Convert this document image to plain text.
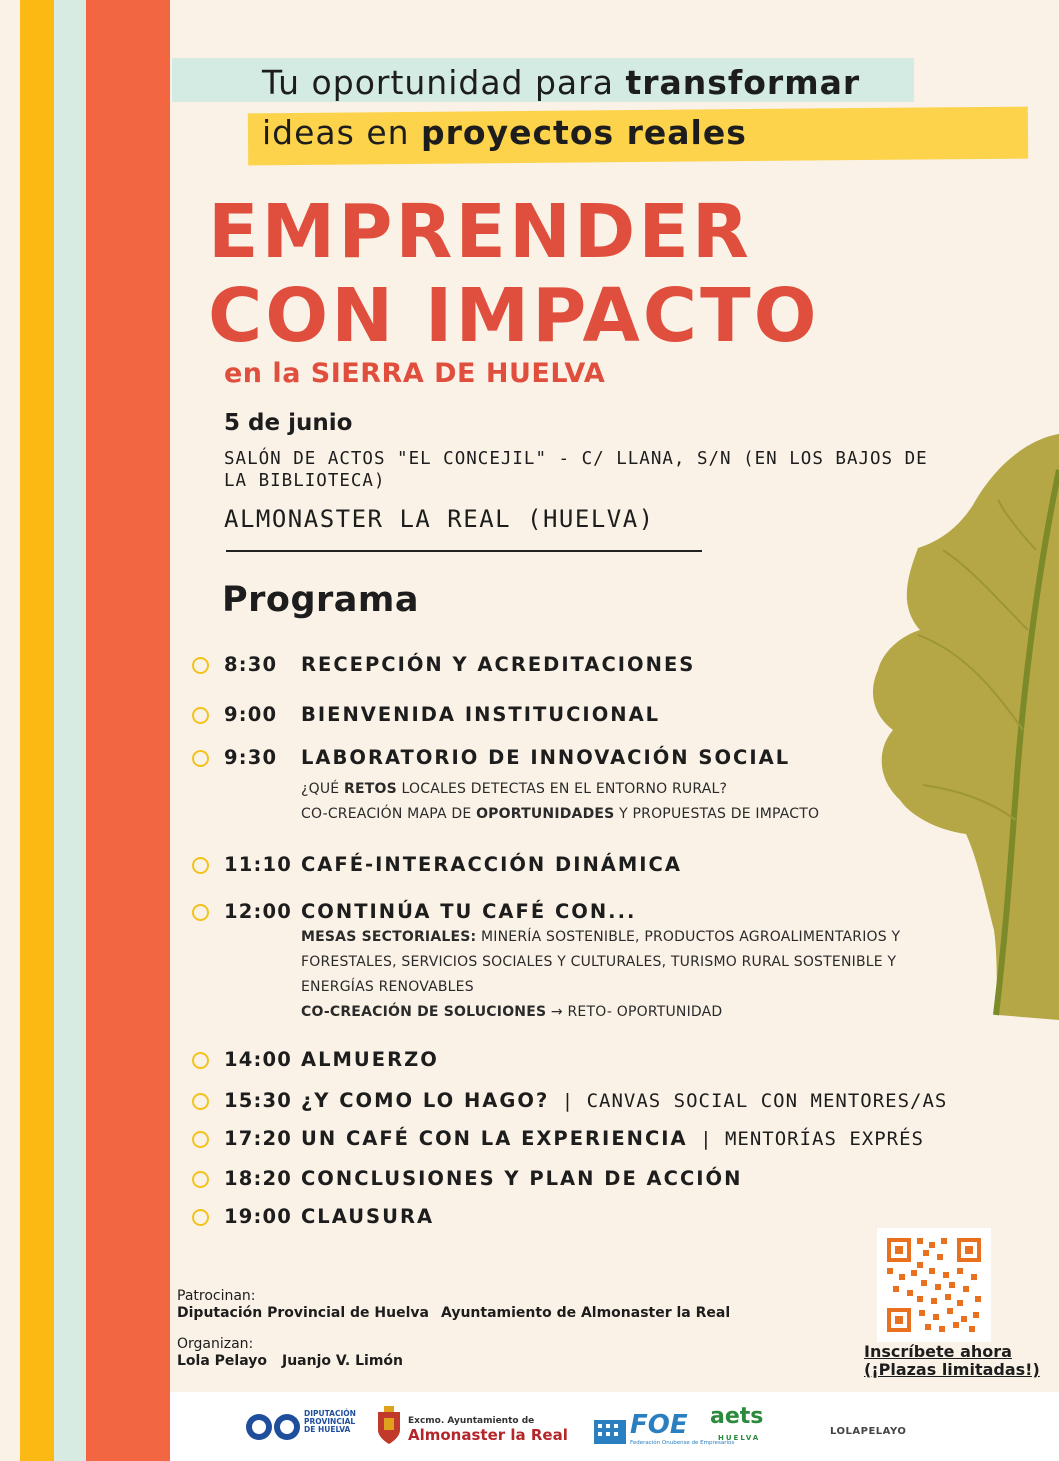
Tu oportunidad para transformar
ideas en proyectos reales
EMPRENDER
CON IMPACTO
en la SIERRA DE HUELVA
5 de junio
SALÓN DE ACTOS "EL CONCEJIL" - C/ LLANA, S/N (EN LOS BAJOS DE LA BIBLIOTECA)
ALMONASTER LA REAL (HUELVA)
Programa
8:30 RECEPCIÓN Y ACREDITACIONES
9:00 BIENVENIDA INSTITUCIONAL
9:30 LABORATORIO DE INNOVACIÓN SOCIAL
¿QUÉ RETOS LOCALES DETECTAS EN EL ENTORNO RURAL?
CO-CREACIÓN MAPA DE OPORTUNIDADES Y PROPUESTAS DE IMPACTO
11:10 CAFÉ-INTERACCIÓN DINÁMICA
12:00 CONTINÚA TU CAFÉ CON...
MESAS SECTORIALES: MINERÍA SOSTENIBLE, PRODUCTOS AGROALIMENTARIOS Y
FORESTALES, SERVICIOS SOCIALES Y CULTURALES, TURISMO RURAL SOSTENIBLE Y
ENERGÍAS RENOVABLES
CO-CREACIÓN DE SOLUCIONES → RETO- OPORTUNIDAD
14:00 ALMUERZO
15:30 ¿Y COMO LO HAGO? | CANVAS SOCIAL CON MENTORES/AS
17:20 UN CAFÉ CON LA EXPERIENCIA | MENTORÍAS EXPRÉS
18:20 CONCLUSIONES Y PLAN DE ACCIÓN
19:00 CLAUSURA
Patrocinan:
Diputación Provincial de Huelva Ayuntamiento de Almonaster la Real
Organizan:
Lola Pelayo Juanjo V. Limón	Inscríbete ahora
(¡Plazas limitadas!)
DIPUTACIÓN
PROVINCIAL
DE HUELVA
Excmo. Ayuntamiento de
Almonaster la Real FOE
Federación Onubense de Empresarios
aets
HUELVA
LOLAPELAYO
